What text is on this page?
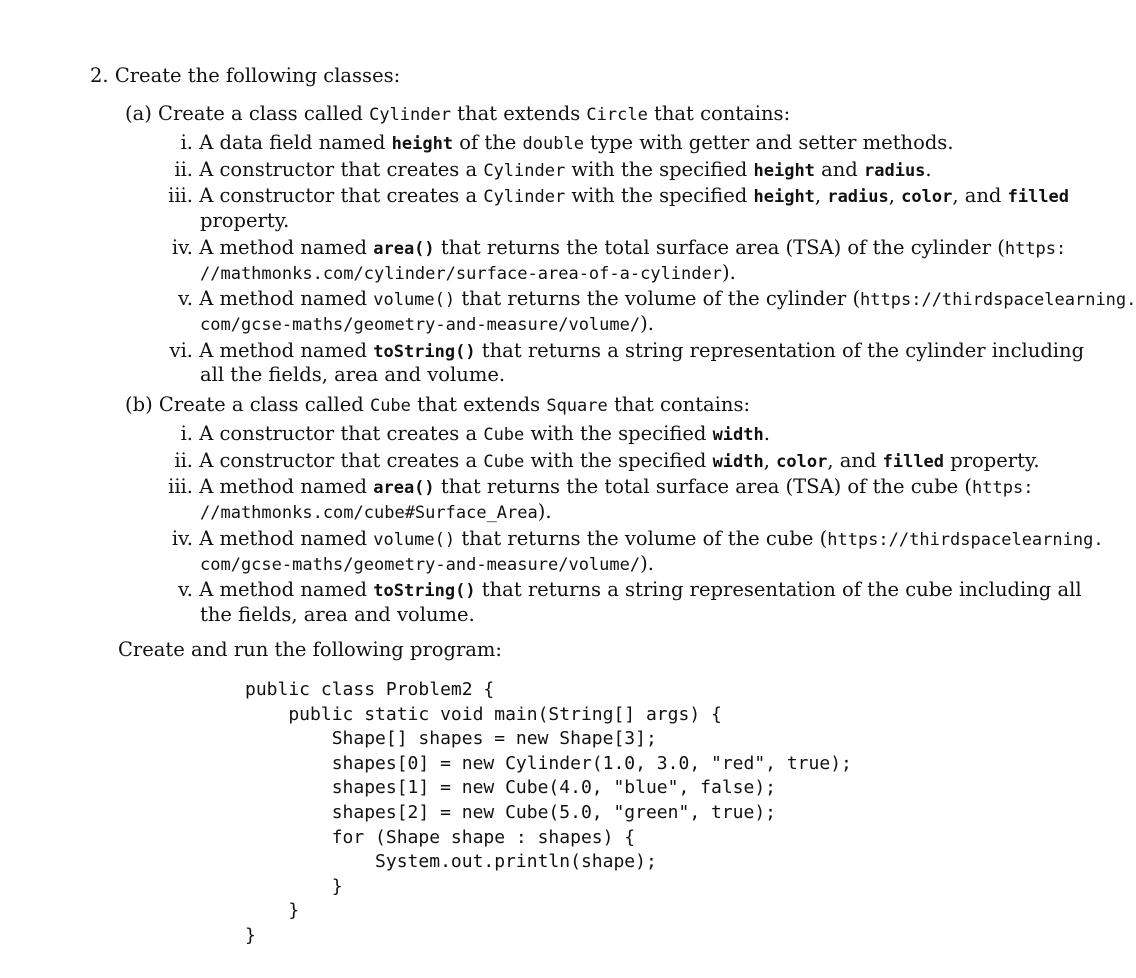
2. Create the following classes:
(a) Create a class called Cylinder that extends Circle that contains:
i. A data field named height of the double type with getter and setter methods.
ii. A constructor that creates a Cylinder with the specified height and radius.
iii. A constructor that creates a Cylinder with the specified height, radius, color, and filled
property.
iv. A method named area() that returns the total surface area (TSA) of the cylinder (https:
//mathmonks.com/cylinder/surface-area-of-a-cylinder).
v. A method named volume() that returns the volume of the cylinder (https://thirdspacelearning.
com/gcse-maths/geometry-and-measure/volume/).
vi. A method named toString() that returns a string representation of the cylinder including
all the fields, area and volume.
(b) Create a class called Cube that extends Square that contains:
i. A constructor that creates a Cube with the specified width.
ii. A constructor that creates a Cube with the specified width, color, and filled property.
iii. A method named area() that returns the total surface area (TSA) of the cube (https:
//mathmonks.com/cube#Surface_Area).
iv. A method named volume() that returns the volume of the cube (https://thirdspacelearning.
com/gcse-maths/geometry-and-measure/volume/).
v. A method named toString() that returns a string representation of the cube including all
the fields, area and volume.
Create and run the following program:
public class Problem2 {
public static void main(String[] args) {
Shape[] shapes = new Shape[3];
shapes[0] = new Cylinder(1.0, 3.0, "red", true);
shapes[1] = new Cube(4.0, "blue", false);
shapes[2] = new Cube(5.0, "green", true);
for (Shape shape : shapes) {
System.out.println(shape);
}
}
}
